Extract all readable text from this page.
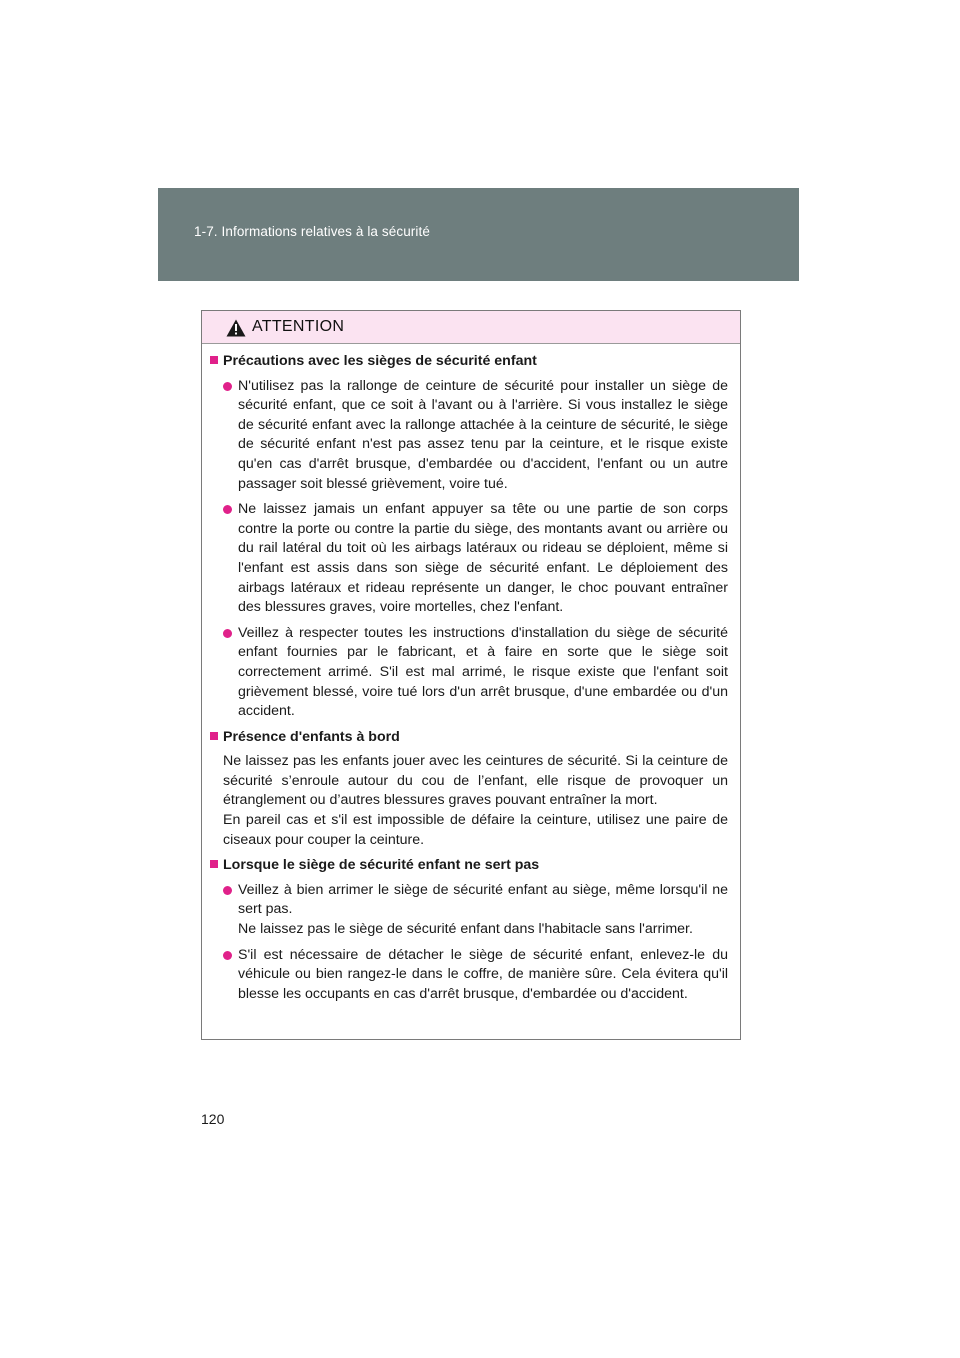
1-7. Informations relatives à la sécurité
ATTENTION
Précautions avec les sièges de sécurité enfant
N'utilisez pas la rallonge de ceinture de sécurité pour installer un siège de sécurité enfant, que ce soit à l'avant ou à l'arrière. Si vous installez le siège de sécurité enfant avec la rallonge attachée à la ceinture de sécurité, le siège de sécurité enfant n'est pas assez tenu par la ceinture, et le risque existe qu'en cas d'arrêt brusque, d'embardée ou d'accident, l'enfant ou un autre passager soit blessé grièvement, voire tué.
Ne laissez jamais un enfant appuyer sa tête ou une partie de son corps contre la porte ou contre la partie du siège, des montants avant ou arrière ou du rail latéral du toit où les airbags latéraux ou rideau se déploient, même si l'enfant est assis dans son siège de sécurité enfant. Le déploiement des airbags latéraux et rideau représente un danger, le choc pouvant entraîner des blessures graves, voire mortelles, chez l'enfant.
Veillez à respecter toutes les instructions d'installation du siège de sécurité enfant fournies par le fabricant, et à faire en sorte que le siège soit correctement arrimé. S'il est mal arrimé, le risque existe que l'enfant soit grièvement blessé, voire tué lors d'un arrêt brusque, d'une embardée ou d'un accident.
Présence d'enfants à bord
Ne laissez pas les enfants jouer avec les ceintures de sécurité. Si la ceinture de sécurité s’enroule autour du cou de l’enfant, elle risque de provoquer un étranglement ou d’autres blessures graves pouvant entraîner la mort.
En pareil cas et s'il est impossible de défaire la ceinture, utilisez une paire de ciseaux pour couper la ceinture.
Lorsque le siège de sécurité enfant ne sert pas
Veillez à bien arrimer le siège de sécurité enfant au siège, même lorsqu'il ne sert pas.
Ne laissez pas le siège de sécurité enfant dans l'habitacle sans l'arrimer.
S'il est nécessaire de détacher le siège de sécurité enfant, enlevez-le du véhicule ou bien rangez-le dans le coffre, de manière sûre. Cela évitera qu'il blesse les occupants en cas d'arrêt brusque, d'embardée ou d'accident.
120
